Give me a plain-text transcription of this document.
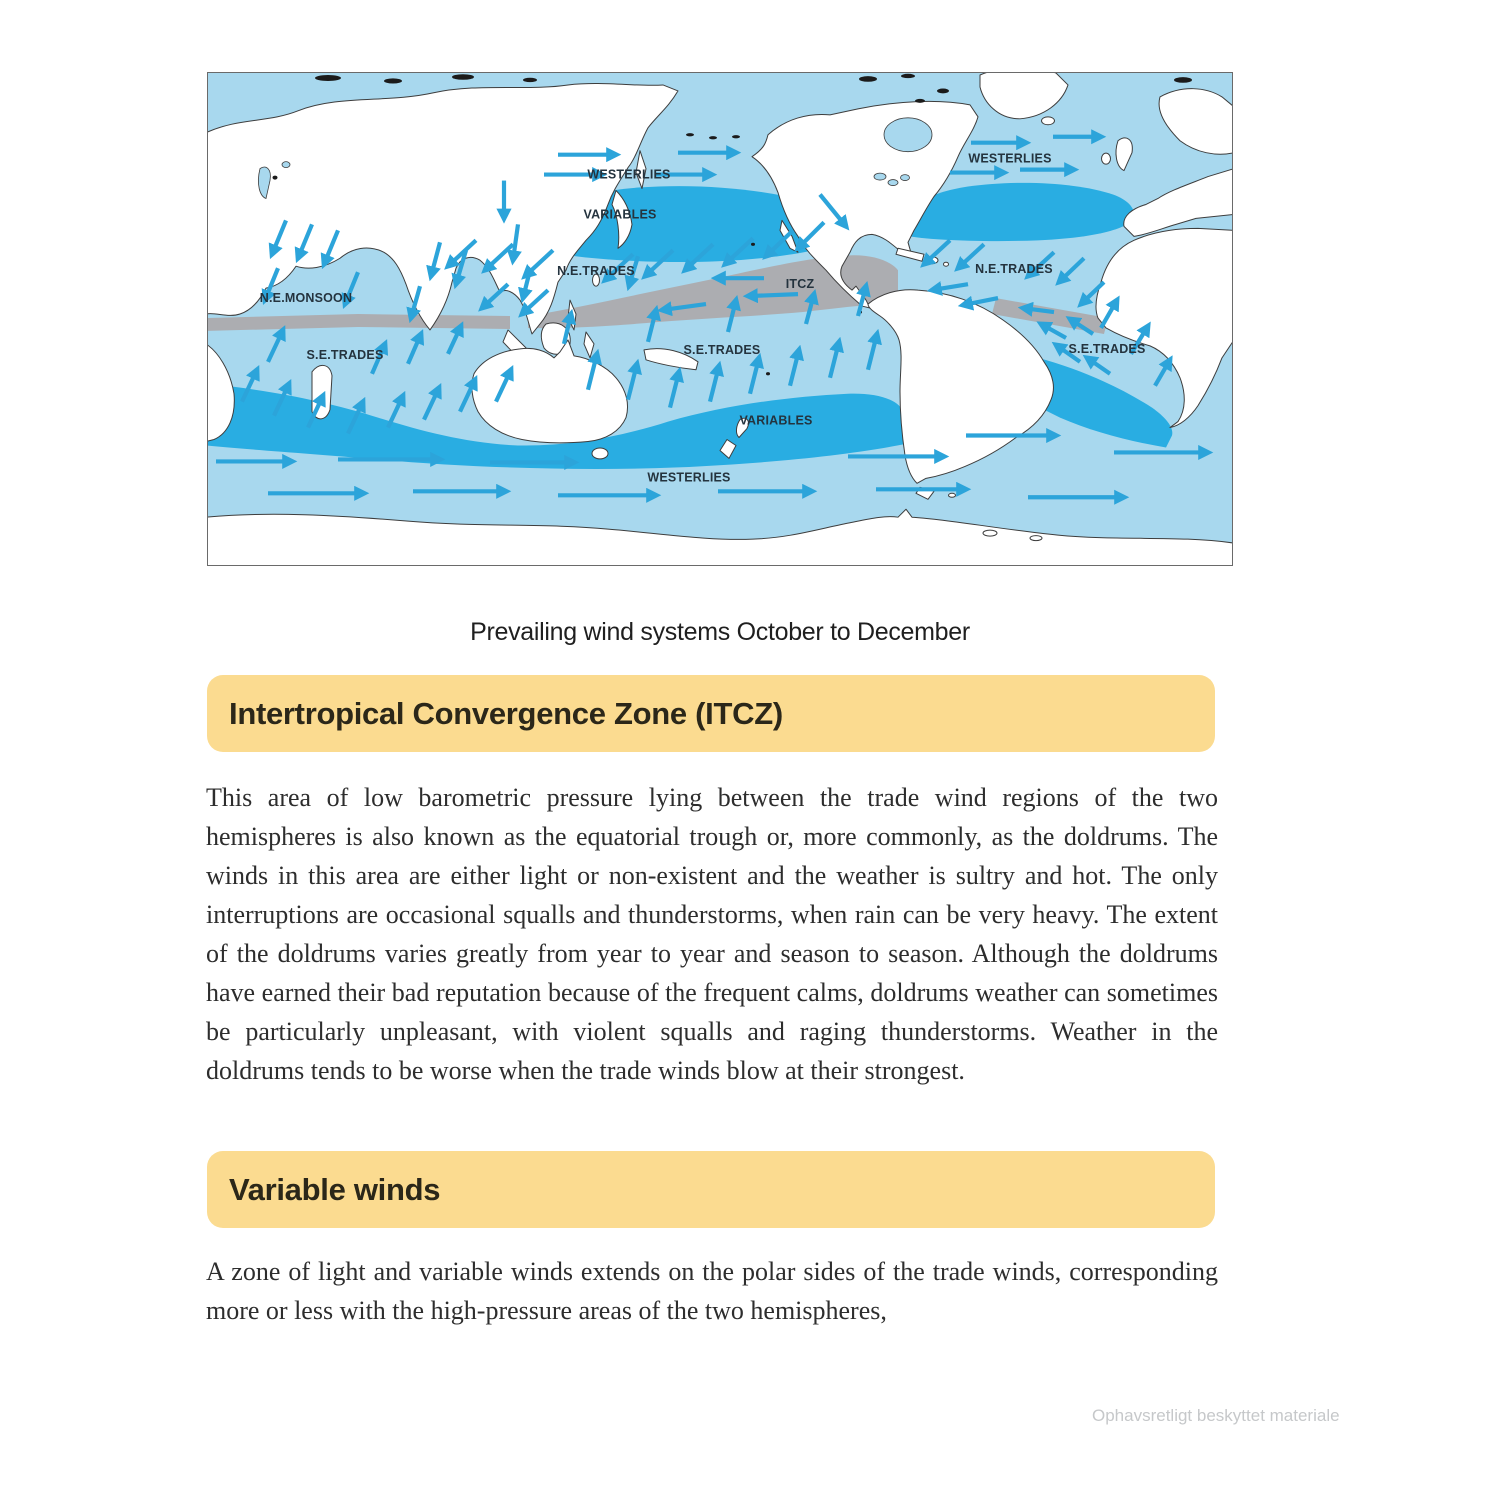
WESTERLIES
VARIABLES
N.E.TRADES
ITCZ
N.E.MONSOON
S.E.TRADES	S.E.TRADES	S.E.TRADES
VARIABLES
WESTERLIES
WESTERLIES
N.E.TRADES
Prevailing wind systems October to December
Intertropical Convergence Zone (ITCZ)

This area of low barometric pressure lying between the trade wind regions of the two hemispheres is also known as the equatorial trough or, more commonly, as the doldrums. The winds in this area are either light or non-existent and the weather is sultry and hot. The only interruptions are occasional squalls and thunderstorms, when rain can be very heavy. The extent of the doldrums varies greatly from year to year and season to season. Although the doldrums have earned their bad reputation because of the frequent calms, doldrums weather can sometimes be particularly unpleasant, with violent squalls and raging thunderstorms. Weather in the doldrums tends to be worse when the trade winds blow at their strongest.

Variable winds

A zone of light and variable winds extends on the polar sides of the trade winds, corresponding more or less with the high-pressure areas of the two hemispheres,

Ophavsretligt beskyttet materiale
